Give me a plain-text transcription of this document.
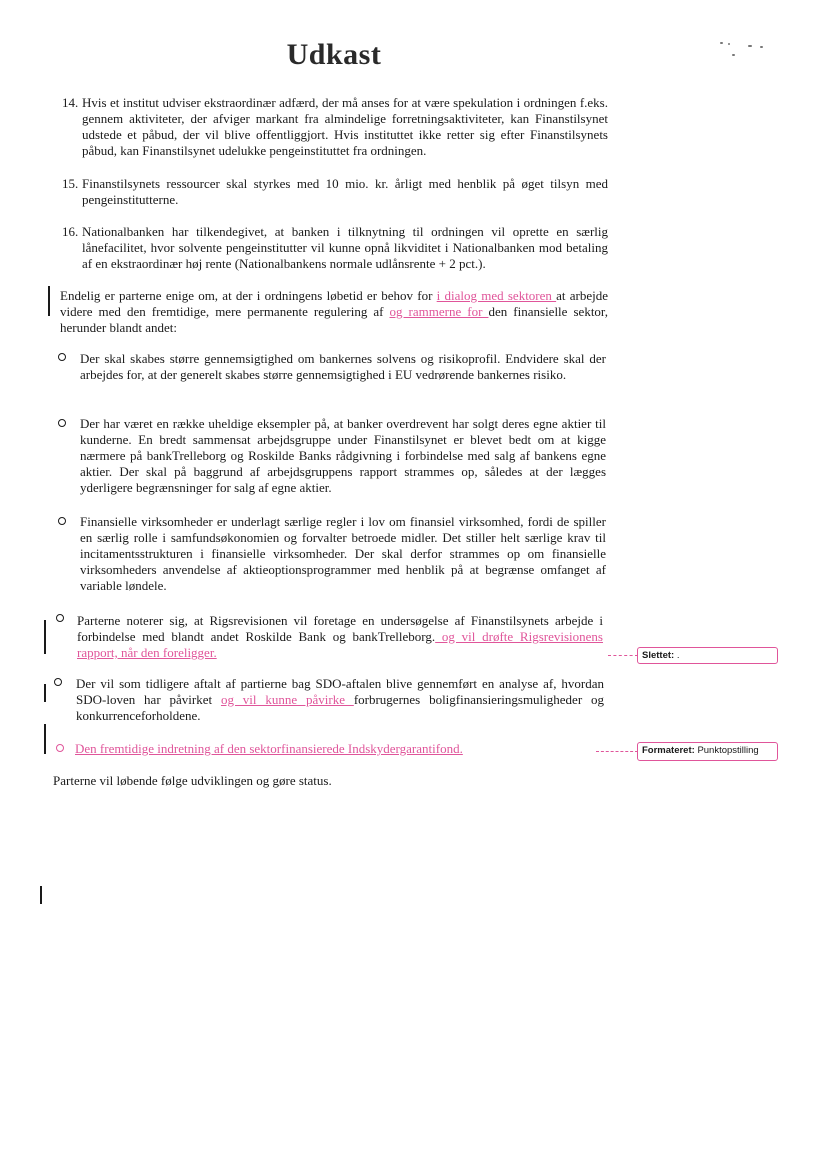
Udkast
14. Hvis et institut udviser ekstraordinær adfærd, der må anses for at være spekulation i ordningen f.eks. gennem aktiviteter, der afviger markant fra almindelige forretningsaktiviteter, kan Finanstilsynet udstede et påbud, der vil blive offentliggjort. Hvis instituttet ikke retter sig efter Finanstilsynets påbud, kan Finanstilsynet udelukke pengeinstituttet fra ordningen.
15. Finanstilsynets ressourcer skal styrkes med 10 mio. kr. årligt med henblik på øget tilsyn med pengeinstitutterne.
16. Nationalbanken har tilkendegivet, at banken i tilknytning til ordningen vil oprette en særlig lånefacilitet, hvor solvente pengeinstitutter vil kunne opnå likviditet i Nationalbanken mod betaling af en ekstraordinær høj rente (Nationalbankens normale udlånsrente + 2 pct.).
Endelig er parterne enige om, at der i ordningens løbetid er behov for i dialog med sektoren at arbejde videre med den fremtidige, mere permanente regulering af og rammerne for den finansielle sektor, herunder blandt andet:
Der skal skabes større gennemsigtighed om bankernes solvens og risikoprofil. Endvidere skal der arbejdes for, at der generelt skabes større gennemsigtighed i EU vedrørende bankernes risiko.
Der har været en række uheldige eksempler på, at banker overdrevent har solgt deres egne aktier til kunderne. En bredt sammensat arbejdsgruppe under Finanstilsynet er blevet bedt om at kigge nærmere på bankTrelleborg og Roskilde Banks rådgivning i forbindelse med salg af bankens egne aktier. Der skal på baggrund af arbejdsgruppens rapport strammes op, således at der lægges yderligere begrænsninger for salg af egne aktier.
Finansielle virksomheder er underlagt særlige regler i lov om finansiel virksomhed, fordi de spiller en særlig rolle i samfundsøkonomien og forvalter betroede midler. Det stiller helt særlige krav til incitamentsstrukturen i finansielle virksomheder. Der skal derfor strammes op om finansielle virksomheders anvendelse af aktieoptionsprogrammer med henblik på at begrænse omfanget af variable løndele.
Parterne noterer sig, at Rigsrevisionen vil foretage en undersøgelse af Finanstilsynets arbejde i forbindelse med blandt andet Roskilde Bank og bankTrelleborg. og vil drøfte Rigsrevisionens rapport, når den foreligger.
Der vil som tidligere aftalt af partierne bag SDO-aftalen blive gennemført en analyse af, hvordan SDO-loven har påvirket og vil kunne påvirke forbrugernes boligfinansieringsmuligheder og konkurrenceforholdene.
Den fremtidige indretning af den sektorfinansierede Indskydergarantifond.
Parterne vil løbende følge udviklingen og gøre status.
Slettet: .
Formateret: Punktopstilling
